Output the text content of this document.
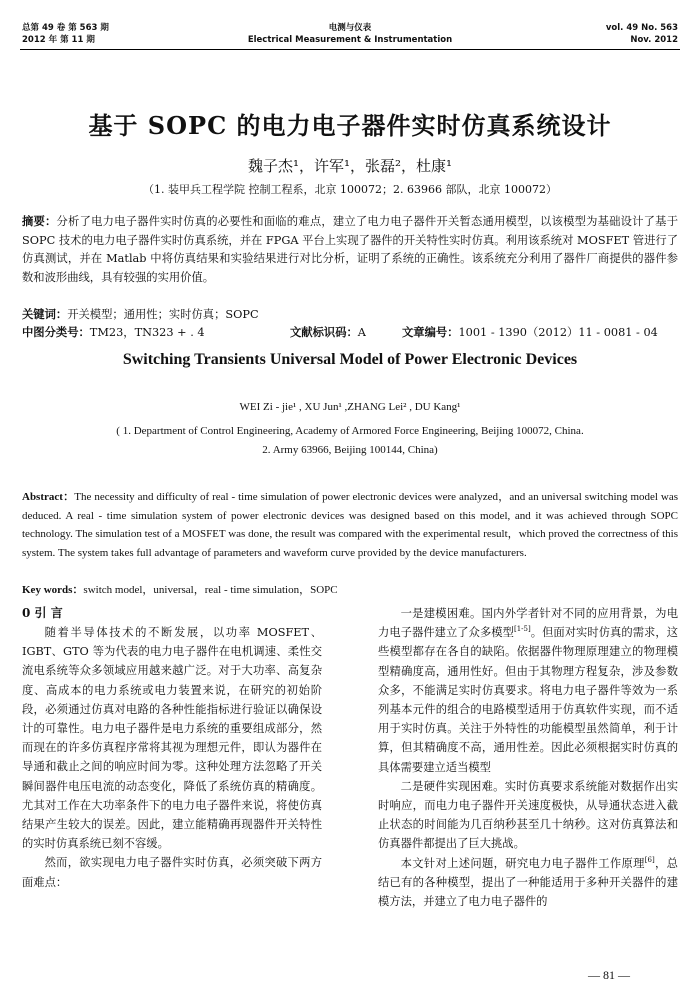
总第 49 卷 第 563 期
2012 年 第 11 期
电测与仪表
Electrical Measurement & Instrumentation
vol. 49 No. 563
Nov. 2012
基于 SOPC 的电力电子器件实时仿真系统设计
魏子杰¹，许军¹，张磊²，杜康¹
（1. 装甲兵工程学院 控制工程系，北京 100072；2. 63966 部队，北京 100072）

摘要：分析了电力电子器件实时仿真的必要性和面临的难点，建立了电力电子器件开关暂态通用模型，以该模型为基础设计了基于 SOPC 技术的电力电子器件实时仿真系统，并在 FPGA 平台上实现了器件的开关特性实时仿真。利用该系统对 MOSFET 管进行了仿真测试，并在 Matlab 中将仿真结果和实验结果进行对比分析，证明了系统的正确性。该系统充分利用了器件厂商提供的器件参数和波形曲线，具有较强的实用价值。

关键词：开关模型；通用性；实时仿真；SOPC

中图分类号：TM23，TN323 + . 4	文献标识码：A	文章编号：1001 - 1390（2012）11 - 0081 - 04
Switching Transients Universal Model of Power Electronic Devices
WEI Zi - jie¹ , XU Jun¹ ,ZHANG Lei² , DU Kang¹
( 1. Department of Control Engineering, Academy of Armored Force Engineering, Beijing 100072, China.
2. Army 63966, Beijing 100144, China)

Abstract：The necessity and difficulty of real - time simulation of power electronic devices were analyzed，and an universal switching model was deduced. A real - time simulation system of power electronic devices was designed based on this model, and it was achieved through SOPC technology. The simulation test of a MOSFET was done, the result was compared with the experimental result，which proved the correctness of this system. The system takes full advantage of parameters and waveform curve provided by the device manufacturers.

Key words：switch model，universal，real - time simulation，SOPC

0 引 言

随着半导体技术的不断发展，以功率 MOSFET、IGBT、GTO 等为代表的电力电子器件在电机调速、柔性交流电系统等众多领域应用越来越广泛。对于大功率、高复杂度、高成本的电力系统或电力装置来说，在研究的初始阶段，必须通过仿真对电路的各种性能指标进行验证以确保设计的可靠性。电力电子器件是电力系统的重要组成部分，然而现在的许多仿真程序常将其视为理想元件，即认为器件在导通和截止之间的响应时间为零。这种处理方法忽略了开关瞬间器件电压电流的动态变化，降低了系统仿真的精确度。尤其对工作在大功率条件下的电力电子器件来说，将使仿真结果产生较大的误差。因此，建立能精确再现器件开关特性的实时仿真系统已刻不容缓。

然而，欲实现电力电子器件实时仿真，必须突破下两方面难点：

一是建模困难。国内外学者针对不同的应用背景，为电力电子器件建立了众多模型[1-5]。但面对实时仿真的需求，这些模型都存在各自的缺陷。依据器件物理原理建立的物理模型精确度高，通用性好。但由于其物理方程复杂，涉及参数众多，不能满足实时仿真要求。将电力电子器件等效为一系列基本元件的组合的电路模型适用于仿真软件实现，而不适用于实时仿真。关注于外特性的功能模型虽然简单，利于计算，但其精确度不高，通用性差。因此必须根据实时仿真的具体需要建立适当模型

二是硬件实现困难。实时仿真要求系统能对数据作出实时响应，而电力电子器件开关速度极快，从导通状态进入截止状态的时间能为几百纳秒甚至几十纳秒。这对仿真算法和仿真器件都提出了巨大挑战。

本文针对上述问题，研究电力电子器件工作原理[6]，总结已有的各种模型，提出了一种能适用于多种开关器件的建模方法，并建立了电力电子器件的

— 81 —
